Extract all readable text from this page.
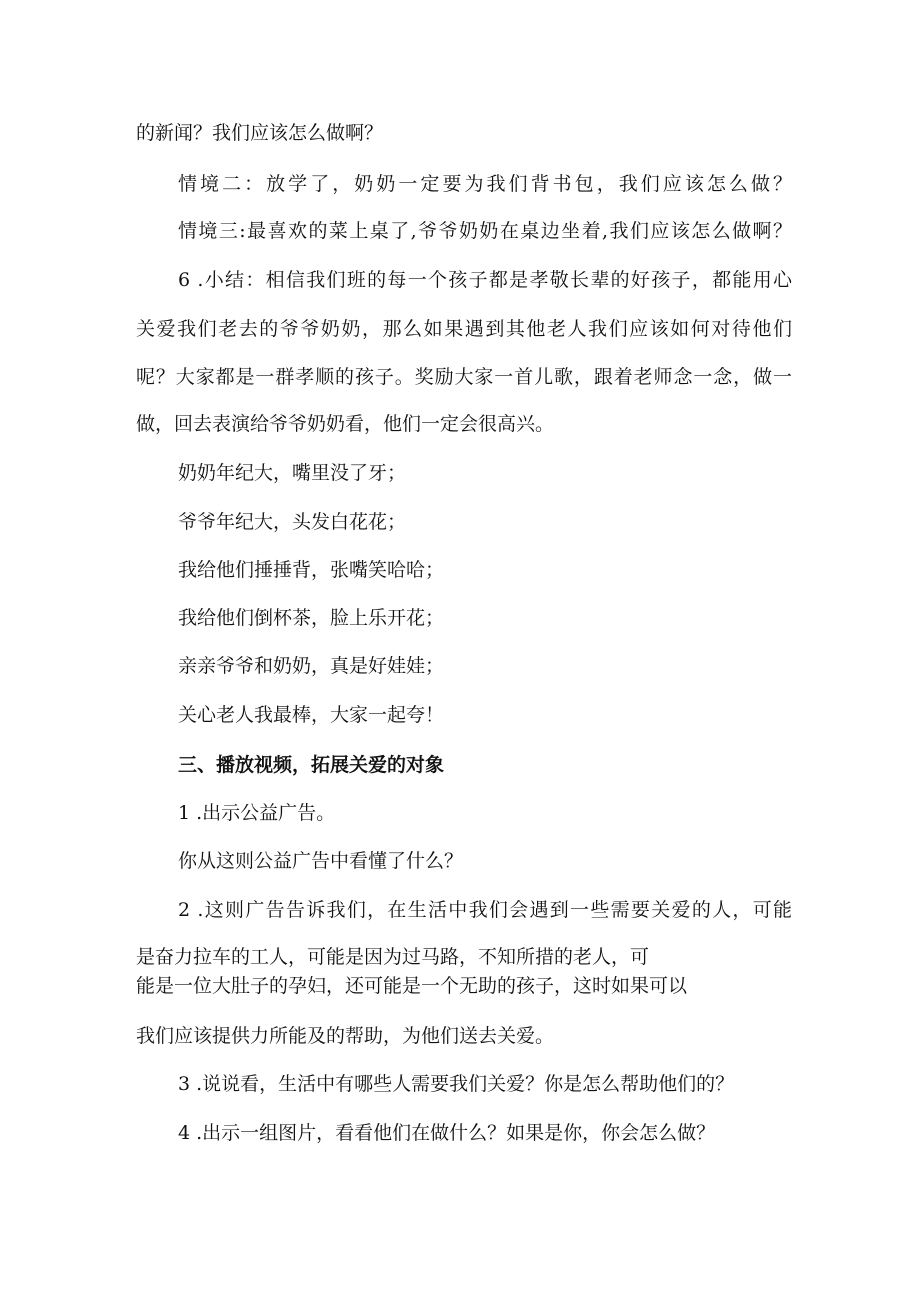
的新闻？我们应该怎么做啊？
情境二：放学了，奶奶一定要为我们背书包，我们应该怎么做？
情境三:最喜欢的菜上桌了,爷爷奶奶在桌边坐着,我们应该怎么做啊？
6 .小结：相信我们班的每一个孩子都是孝敬长辈的好孩子，都能用心
关爱我们老去的爷爷奶奶，那么如果遇到其他老人我们应该如何对待他们
呢？大家都是一群孝顺的孩子。奖励大家一首儿歌，跟着老师念一念，做一
做，回去表演给爷爷奶奶看，他们一定会很高兴。
奶奶年纪大，嘴里没了牙；
爷爷年纪大，头发白花花；
我给他们捶捶背，张嘴笑哈哈；
我给他们倒杯茶，脸上乐开花；
亲亲爷爷和奶奶，真是好娃娃；
关心老人我最棒，大家一起夸！
三、播放视频，拓展关爱的对象
1 .出示公益广告。
你从这则公益广告中看懂了什么？
2 .这则广告告诉我们，在生活中我们会遇到一些需要关爱的人，可能
是奋力拉车的工人，可能是因为过马路，不知所措的老人，可
能是一位大肚子的孕妇，还可能是一个无助的孩子，这时如果可以
我们应该提供力所能及的帮助，为他们送去关爱。
3 .说说看，生活中有哪些人需要我们关爱？你是怎么帮助他们的？
4 .出示一组图片，看看他们在做什么？如果是你，你会怎么做？
